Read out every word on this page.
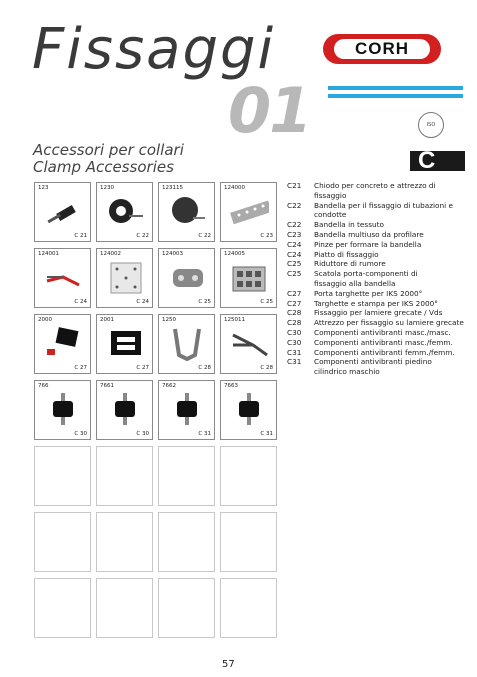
Fissaggi
01
CORH
ISO
Accessori per collari
Clamp Accessories	C
123
C 21
1230
C 22
123115
C 22
124000
C 23
124001
C 24
124002
C 24
124003
C 25
124005
C 25
2000
C 27
2001
C 27
1250
C 28
125011
C 28
766
C 30
7661
C 30
7662
C 31
7663
C 31
C21	Chiodo per concreto e attrezzo di fissaggio
C22	Bandella per il fissaggio di tubazioni e
condotte
C22	Bandella in tessuto
C23	Bandella multiuso da profilare
C24	Pinze per formare la bandella
C24	Piatto di fissaggio
C25	Riduttore di rumore
C25	Scatola porta-componenti di
fissaggio alla bandella
C27	Porta targhette per IKS 2000°
C27	Targhette e stampa per IKS 2000°
C28	Fissaggio per lamiere grecate / Vds
C28	Attrezzo per fissaggio su lamiere grecate
C30	Componenti antivibranti masc./masc.
C30	Componenti antivibranti masc./femm.
C31	Componenti antivibranti femm./femm.
C31	Componenti antivibranti piedino
cilindrico maschio
57
